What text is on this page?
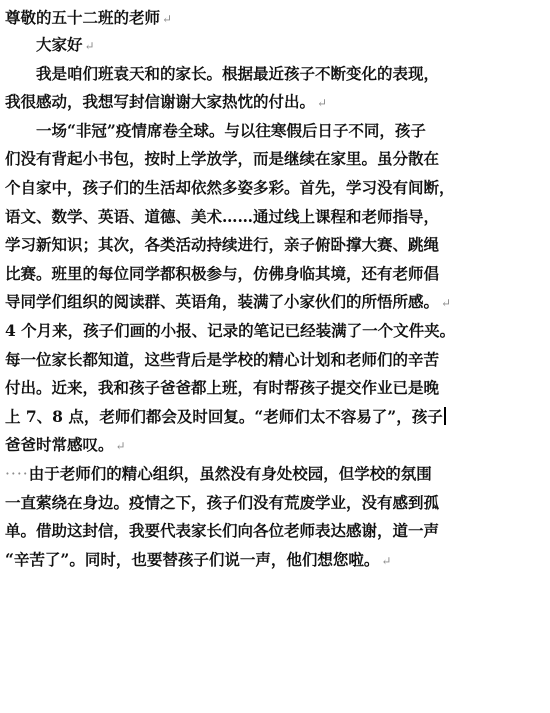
尊敬的五十二班的老师 ↵
大家好 ↵
我是咱们班袁天和的家长。根据最近孩子不断变化的表现，
我很感动，我想写封信谢谢大家热忱的付出。 ↵
一场“非冠”疫情席卷全球。与以往寒假后日子不同，孩子
们没有背起小书包，按时上学放学，而是继续在家里。虽分散在
个自家中，孩子们的生活却依然多姿多彩。首先，学习没有间断，
语文、数学、英语、道德、美术……通过线上课程和老师指导，
学习新知识；其次，各类活动持续进行，亲子俯卧撑大赛、跳绳
比赛。班里的每位同学都积极参与，仿佛身临其境，还有老师倡
导同学们组织的阅读群、英语角，装满了小家伙们的所悟所感。 ↵
4 个月来，孩子们画的小报、记录的笔记已经装满了一个文件夹。
每一位家长都知道，这些背后是学校的精心计划和老师们的辛苦
付出。近来，我和孩子爸爸都上班，有时帮孩子提交作业已是晚
上 7、8 点，老师们都会及时回复。“老师们太不容易了”，孩子
爸爸时常感叹。 ↵
····由于老师们的精心组织，虽然没有身处校园，但学校的氛围
一直萦绕在身边。疫情之下，孩子们没有荒废学业，没有感到孤
单。借助这封信，我要代表家长们向各位老师表达感谢，道一声
“辛苦了”。同时，也要替孩子们说一声，他们想您啦。 ↵
